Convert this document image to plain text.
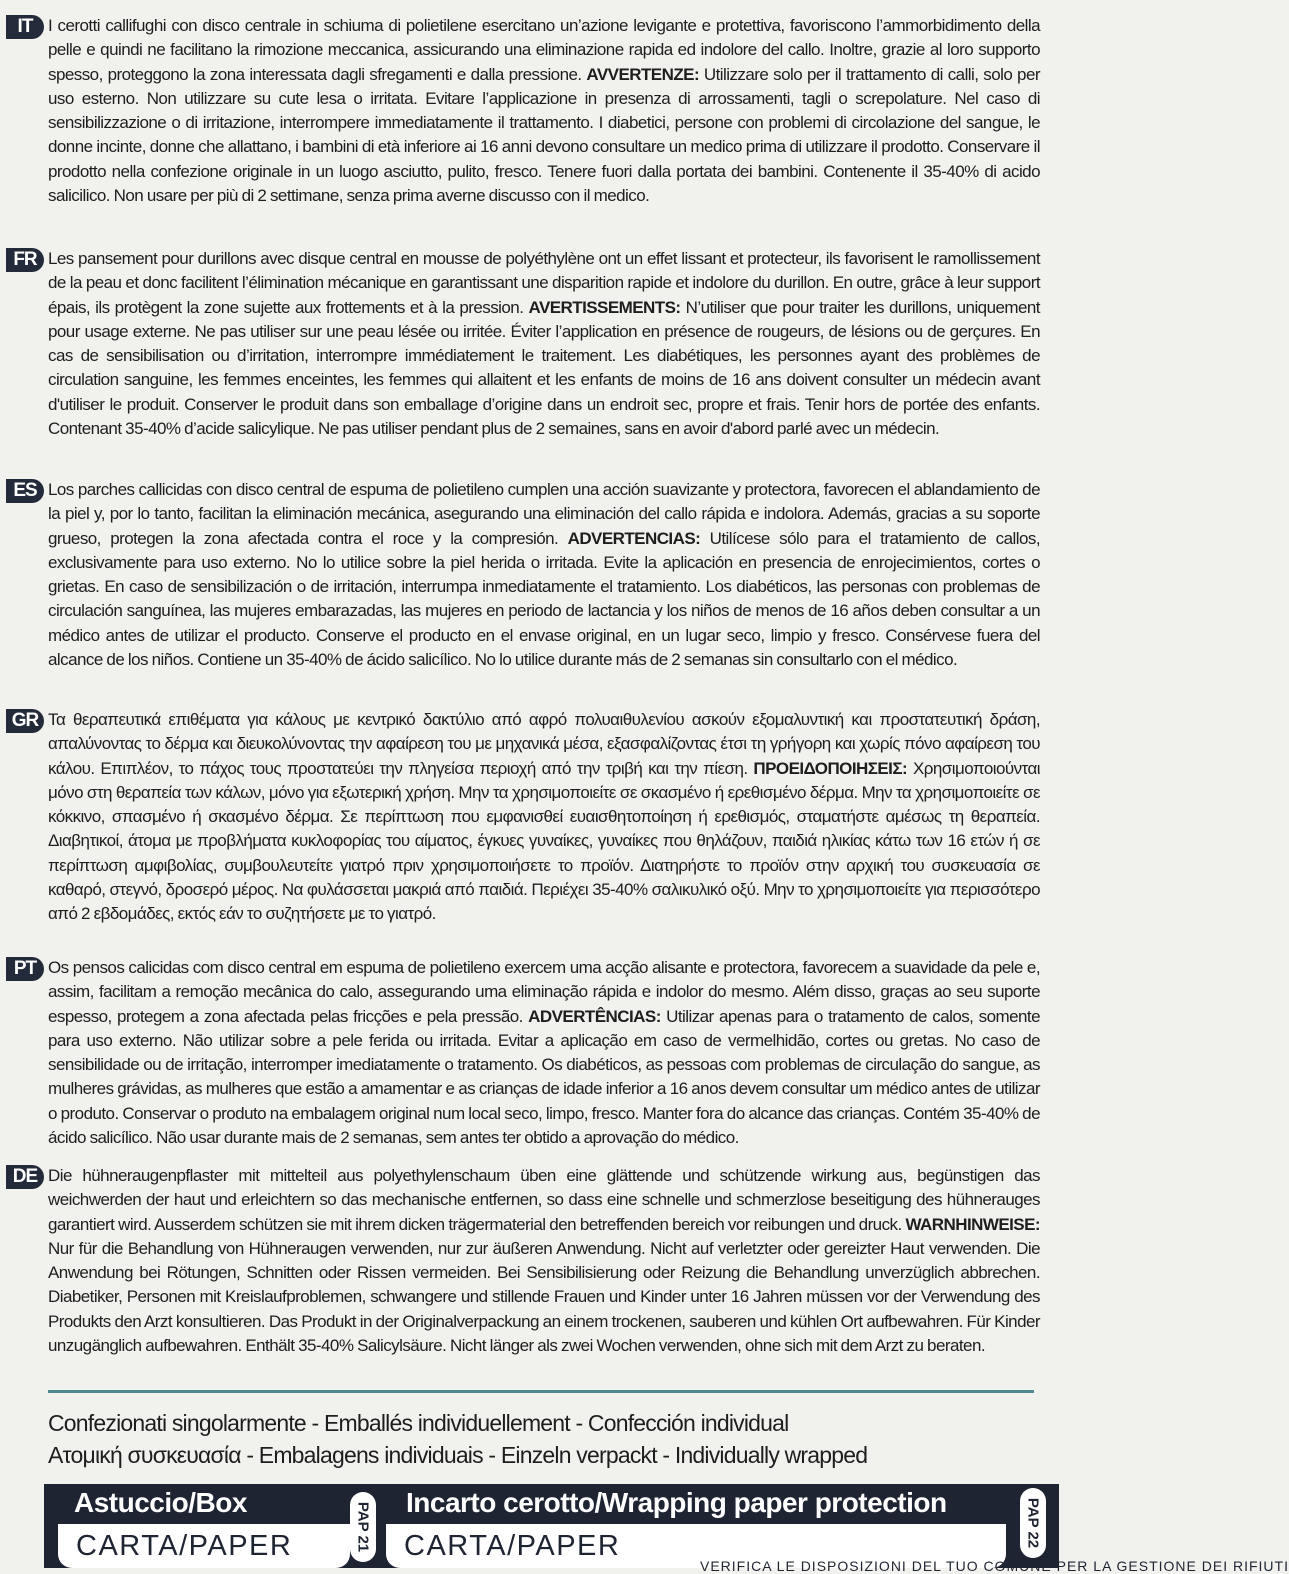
IT I cerotti callifughi con disco centrale in schiuma di polietilene esercitano un’azione levigante e protettiva, favoriscono l’ammorbidimento della pelle e quindi ne facilitano la rimozione meccanica, assicurando una eliminazione rapida ed indolore del callo. Inoltre, grazie al loro supporto spesso, proteggono la zona interessata dagli sfregamenti e dalla pressione. AVVERTENZE: Utilizzare solo per il trattamento di calli, solo per uso esterno. Non utilizzare su cute lesa o irritata. Evitare l’applicazione in presenza di arrossamenti, tagli o screpolature. Nel caso di sensibilizzazione o di irritazione, interrompere immediatamente il trattamento. I diabetici, persone con problemi di circolazione del sangue, le donne incinte, donne che allattano, i bambini di età inferiore ai 16 anni devono consultare un medico prima di utilizzare il prodotto. Conservare il prodotto nella confezione originale in un luogo asciutto, pulito, fresco. Tenere fuori dalla portata dei bambini. Contenente il 35-40% di acido salicilico. Non usare per più di 2 settimane, senza prima averne discusso con il medico.
FR Les pansement pour durillons avec disque central en mousse de polyéthylène ont un effet lissant et protecteur, ils favorisent le ramollissement de la peau et donc facilitent l’élimination mécanique en garantissant une disparition rapide et indolore du durillon. En outre, grâce à leur support épais, ils protègent la zone sujette aux frottements et à la pression. AVERTISSEMENTS: N’utiliser que pour traiter les durillons, uniquement pour usage externe. Ne pas utiliser sur une peau lésée ou irritée. Éviter l’application en présence de rougeurs, de lésions ou de gerçures. En cas de sensibilisation ou d’irritation, interrompre immédiatement le traitement. Les diabétiques, les personnes ayant des problèmes de circulation sanguine, les femmes enceintes, les femmes qui allaitent et les enfants de moins de 16 ans doivent consulter un médecin avant d'utiliser le produit. Conserver le produit dans son emballage d’origine dans un endroit sec, propre et frais. Tenir hors de portée des enfants. Contenant 35-40% d’acide salicylique. Ne pas utiliser pendant plus de 2 semaines, sans en avoir d'abord parlé avec un médecin.
ES Los parches callicidas con disco central de espuma de polietileno cumplen una acción suavizante y protectora, favorecen el ablandamiento de la piel y, por lo tanto, facilitan la eliminación mecánica, asegurando una eliminación del callo rápida e indolora. Además, gracias a su soporte grueso, protegen la zona afectada contra el roce y la compresión. ADVERTENCIAS: Utilícese sólo para el tratamiento de callos, exclusivamente para uso externo. No lo utilice sobre la piel herida o irritada. Evite la aplicación en presencia de enrojecimientos, cortes o grietas. En caso de sensibilización o de irritación, interrumpa inmediatamente el tratamiento. Los diabéticos, las personas con problemas de circulación sanguínea, las mujeres embarazadas, las mujeres en periodo de lactancia y los niños de menos de 16 años deben consultar a un médico antes de utilizar el producto. Conserve el producto en el envase original, en un lugar seco, limpio y fresco. Consérvese fuera del alcance de los niños. Contiene un 35-40% de ácido salicílico. No lo utilice durante más de 2 semanas sin consultarlo con el médico.
GR Τα θεραπευτικά επιθέματα για κάλους με κεντρικό δακτύλιο από αφρό πολυαιθυλενίου ασκούν εξομαλυντική και προστατευτική δράση, απαλύνοντας το δέρμα και διευκολύνοντας την αφαίρεση του με μηχανικά μέσα, εξασφαλίζοντας έτσι τη γρήγορη και χωρίς πόνο αφαίρεση του κάλου. Επιπλέον, το πάχος τους προστατεύει την πληγείσα περιοχή από την τριβή και την πίεση. ΠΡΟΕΙΔΟΠΟΙΗΣΕΙΣ: Χρησιμοποιούνται μόνο στη θεραπεία των κάλων, μόνο για εξωτερική χρήση. Μην τα χρησιμοποιείτε σε σκασμένο ή ερεθισμένο δέρμα. Μην τα χρησιμοποιείτε σε κόκκινο, σπασμένο ή σκασμένο δέρμα. Σε περίπτωση που εμφανισθεί ευαισθητοποίηση ή ερεθισμός, σταματήστε αμέσως τη θεραπεία. Διαβητικοί, άτομα με προβλήματα κυκλοφορίας του αίματος, έγκυες γυναίκες, γυναίκες που θηλάζουν, παιδιά ηλικίας κάτω των 16 ετών ή σε περίπτωση αμφιβολίας, συμβουλευτείτε γιατρό πριν χρησιμοποιήσετε το προϊόν. Διατηρήστε το προϊόν στην αρχική του συσκευασία σε καθαρό, στεγνό, δροσερό μέρος. Να φυλάσσεται μακριά από παιδιά. Περιέχει 35-40% σαλικυλικό οξύ. Μην το χρησιμοποιείτε για περισσότερο από 2 εβδομάδες, εκτός εάν το συζητήσετε με το γιατρό.
PT Os pensos calicidas com disco central em espuma de polietileno exercem uma acção alisante e protectora, favorecem a suavidade da pele e, assim, facilitam a remoção mecânica do calo, assegurando uma eliminação rápida e indolor do mesmo. Além disso, graças ao seu suporte espesso, protegem a zona afectada pelas fricções e pela pressão. ADVERTÊNCIAS: Utilizar apenas para o tratamento de calos, somente para uso externo. Não utilizar sobre a pele ferida ou irritada. Evitar a aplicação em caso de vermelhidão, cortes ou gretas. No caso de sensibilidade ou de irritação, interromper imediatamente o tratamento. Os diabéticos, as pessoas com problemas de circulação do sangue, as mulheres grávidas, as mulheres que estão a amamentar e as crianças de idade inferior a 16 anos devem consultar um médico antes de utilizar o produto. Conservar o produto na embalagem original num local seco, limpo, fresco. Manter fora do alcance das crianças. Contém 35-40% de ácido salicílico. Não usar durante mais de 2 semanas, sem antes ter obtido a aprovação do médico.
DE Die hühneraugenpflaster mit mittelteil aus polyethylenschaum üben eine glättende und schützende wirkung aus, begünstigen das weichwerden der haut und erleichtern so das mechanische entfernen, so dass eine schnelle und schmerzlose beseitigung des hühnerauges garantiert wird. Ausserdem schützen sie mit ihrem dicken trägermaterial den betreffenden bereich vor reibungen und druck. WARNHINWEISE: Nur für die Behandlung von Hühneraugen verwenden, nur zur äußeren Anwendung. Nicht auf verletzter oder gereizter Haut verwenden. Die Anwendung bei Rötungen, Schnitten oder Rissen vermeiden. Bei Sensibilisierung oder Reizung die Behandlung unverzüglich abbrechen. Diabetiker, Personen mit Kreislaufproblemen, schwangere und stillende Frauen und Kinder unter 16 Jahren müssen vor der Verwendung des Produkts den Arzt konsultieren. Das Produkt in der Originalverpackung an einem trockenen, sauberen und kühlen Ort aufbewahren. Für Kinder unzugänglich aufbewahren. Enthält 35-40% Salicylsäure. Nicht länger als zwei Wochen verwenden, ohne sich mit dem Arzt zu beraten.
Confezionati singolarmente - Emballés individuellement - Confección individual
Ατομική συσκευασία - Embalagens individuais - Einzeln verpackt - Individually wrapped
Astuccio/Box
CARTA/PAPER	PAP 21 Incarto cerotto/Wrapping paper protection
CARTA/PAPER	PAP 22
VERIFICA LE DISPOSIZIONI DEL TUO COMUNE PER LA GESTIONE DEI RIFIUTI
